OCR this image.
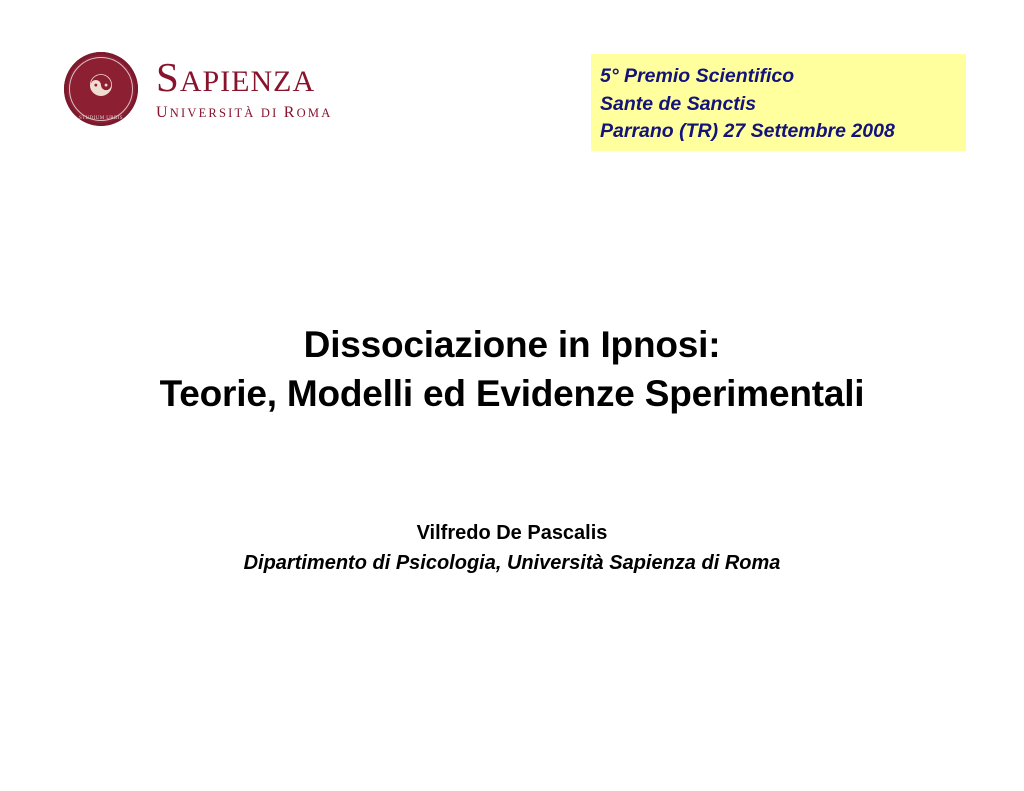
☯
STUDIUM URBIS
SAPIENZA
UNIVERSITÀ DI ROMA
5° Premio Scientifico
Sante de Sanctis
Parrano (TR) 27 Settembre 2008
Dissociazione in Ipnosi:
Teorie, Modelli ed Evidenze Sperimentali
Vilfredo De Pascalis
Dipartimento di Psicologia, Università Sapienza di Roma
